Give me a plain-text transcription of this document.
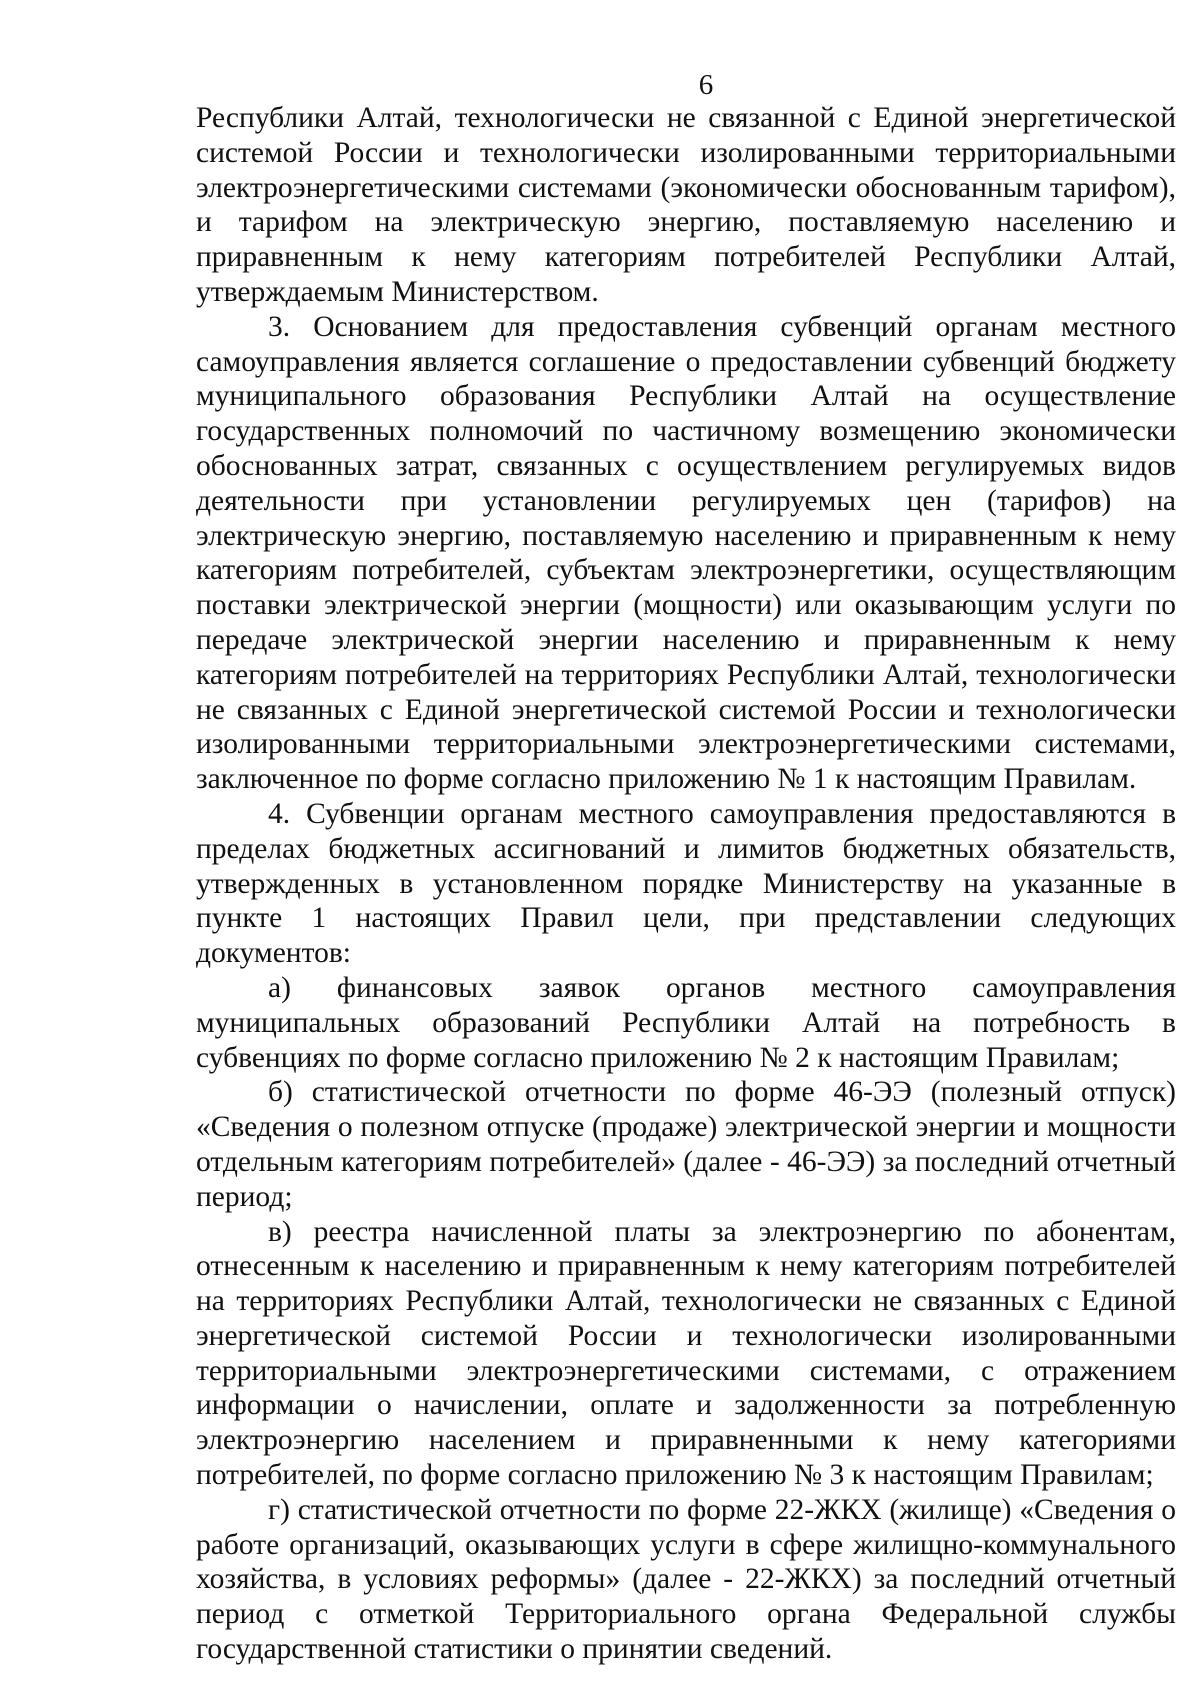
6

Республики Алтай, технологически не связанной с Единой энергетической системой России и технологически изолированными территориальными электроэнергетическими системами (экономически обоснованным тарифом), и тарифом на электрическую энергию, поставляемую населению и приравненным к нему категориям потребителей Республики Алтай, утверждаемым Министерством.

3. Основанием для предоставления субвенций органам местного самоуправления является соглашение о предоставлении субвенций бюджету муниципального образования Республики Алтай на осуществление государственных полномочий по частичному возмещению экономически обоснованных затрат, связанных с осуществлением регулируемых видов деятельности при установлении регулируемых цен (тарифов) на электрическую энергию, поставляемую населению и приравненным к нему категориям потребителей, субъектам электроэнергетики, осуществляющим поставки электрической энергии (мощности) или оказывающим услуги по передаче электрической энергии населению и приравненным к нему категориям потребителей на территориях Республики Алтай, технологически не связанных с Единой энергетической системой России и технологически изолированными территориальными электроэнергетическими системами, заключенное по форме согласно приложению № 1 к настоящим Правилам.

4. Субвенции органам местного самоуправления предоставляются в пределах бюджетных ассигнований и лимитов бюджетных обязательств, утвержденных в установленном порядке Министерству на указанные в пункте 1 настоящих Правил цели, при представлении следующих документов:

а) финансовых заявок органов местного самоуправления муниципальных образований Республики Алтай на потребность в субвенциях по форме согласно приложению № 2 к настоящим Правилам;

б) статистической отчетности по форме 46-ЭЭ (полезный отпуск) «Сведения о полезном отпуске (продаже) электрической энергии и мощности отдельным категориям потребителей» (далее - 46-ЭЭ) за последний отчетный период;

в) реестра начисленной платы за электроэнергию по абонентам, отнесенным к населению и приравненным к нему категориям потребителей на территориях Республики Алтай, технологически не связанных с Единой энергетической системой России и технологически изолированными территориальными электроэнергетическими системами, с отражением информации о начислении, оплате и задолженности за потребленную электроэнергию населением и приравненными к нему категориями потребителей, по форме согласно приложению № 3 к настоящим Правилам;

г) статистической отчетности по форме 22-ЖКХ (жилище) «Сведения о работе организаций, оказывающих услуги в сфере жилищно-коммунального хозяйства, в условиях реформы» (далее - 22-ЖКХ) за последний отчетный период с отметкой Территориального органа Федеральной службы государственной статистики о принятии сведений.
